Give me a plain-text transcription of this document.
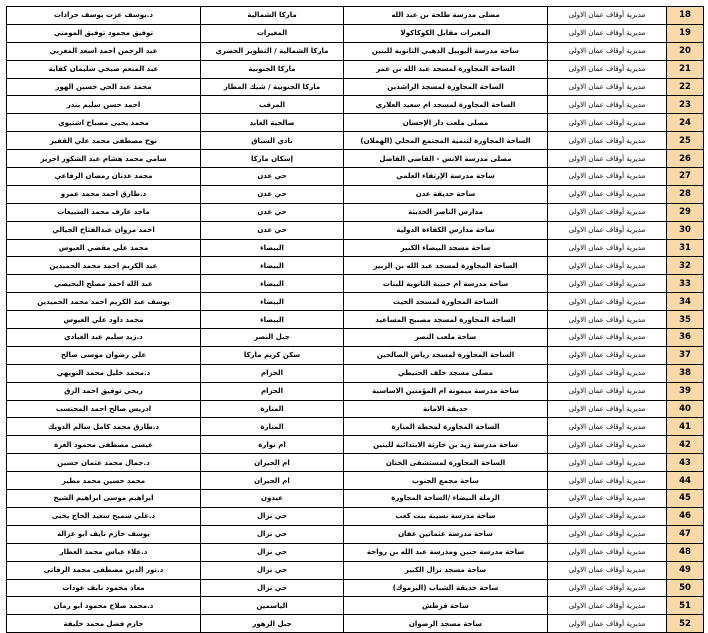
د.يوسف عزت يوسف جرادات	ماركا الشمالية	مصلى مدرسة طلحة بن عبد الله	مديرية أوقاف عمان الاولى	18
توفيق محمود توفيق المومني	المغيرات	المغيرات مقابل الكوكاكولا	مديرية أوقاف عمان الاولى	19
عبد الرحمن احمد اسعد المغربي	ماركا الشمالية / التطوير الحضري	ساحة مدرسة اليوبيل الذهبي الثانوية للبنين	مديرية أوقاف عمان الاولى	20
عبد المنعم صبحي سليمان كفاية	ماركا الجنوبية	الساحة المجاورة لمسجد عبد الله بن عمر	مديرية أوقاف عمان الاولى	21
محمد عبد الحي حسين الهور	ماركا الجنوبية / شيك المطار	الساحة المجاورة لمسجد الراشدين	مديرية أوقاف عمان الاولى	22
احمد حسن سليم بندر	المرقب	الساحة المجاورة لمسجد ام سعيد العلاري	مديرية أوقاف عمان الاولى	23
محمد يحيى مصباح اشتيوي	صالحية العابد	مصلى ملعب دار الإحسان	مديرية أوقاف عمان الاولى	24
نوح مصطفى محمد علي القفير	نادي السباق	الساحة المجاورة لتنمية المجتمع المحلي (الهملان)	مديرية أوقاف عمان الاولى	25
سامي محمد هشام عبد الشكور احريز	إسكان ماركا	مصلى مدرسة الانس - القاضي الفاضل	مديرية أوقاف عمان الاولى	26
محمد عدنان رمضان الرفاعي	حي عدن	ساحة مدرسة الإرتقاء العلمي	مديرية أوقاف عمان الاولى	27
د.طارق احمد محمد عمرو	حي عدن	ساحة حديقة عدن	مديرية أوقاف عمان الاولى	28
ماجد عارف محمد السبيعات	حي عدن	مدارس الناصر الحديثة	مديرية أوقاف عمان الاولى	29
احمد مروان عبدالفتاح الجيالي	حي عدن	ساحة مدارس الكفاءة الدولية	مديرية أوقاف عمان الاولى	30
محمد علي مفضي العيوس	البيضاء	ساحة مسجد البيضاء الكبير	مديرية أوقاف عمان الاولى	31
عبد الكريم احمد محمد الحميدين	البيضاء	الساحة المجاورة لمسجد عبد الله بن الزبير	مديرية أوقاف عمان الاولى	32
عبد الله احمد مصلح البحيصي	البيضاء	ساحة مدرسة ام حبيبة الثانوية للبنات	مديرية أوقاف عمان الاولى	33
يوسف عبد الكريم احمد محمد الحميدين	البيضاء	الساحة المجاورة لمسجد الحيت	مديرية أوقاف عمان الاولى	34
محمد داود علي العيوس	البيضاء	الساحة المجاورة لمسجد مصبيح المساعيد	مديرية أوقاف عمان الاولى	35
د.زيد سليم عبد العبادي	جبل النصر	ساحة ملعب النصر	مديرية أوقاف عمان الاولى	36
علي رضوان موسى صالح	سكن كريم ماركا	الساحة المجاورة لمسجد رياض الصالحين	مديرية أوقاف عمان الاولى	37
د.محمد خليل محمد النويهي	الحزام	مصلى مسجد خلف الحنيطي	مديرية أوقاف عمان الاولى	38
ربحي توفيق احمد الزق	الحزام	ساحة مدرسة ميمونة ام المؤمنين الاساسية	مديرية أوقاف عمان الاولى	39
ادريس صالح احمد المحتسب	المنارة	حديقة الامانة	مديرية أوقاف عمان الاولى	40
د.طارق محمد كامل سالم الدويك	المنارة	الساحة المجاورة لمحطة المنارة	مديرية أوقاف عمان الاولى	41
عيسى مصطفى محمود الغزة	ام نوارة	ساحة مدرسة زيد بن حارثة الابتدائية للبنين	مديرية أوقاف عمان الاولى	42
د.جمال محمد عثمان حسين	ام الحيران	الساحة المجاورة لمستشفى الحنان	مديرية أوقاف عمان الاولى	43
محمد حسين محمد مطير	ام الحيران	ساحة مجمع الجنوب	مديرية أوقاف عمان الاولى	44
ابراهيم موسى ابراهيم الشيخ	عيدون	الرملة البيضاء /الساحة المجاورة	مديرية أوقاف عمان الاولى	45
د.علي سميح سعيد الحاج يحيى	حي نزال	ساحة مدرسة نسيبة بنت كعب	مديرية أوقاف عمان الاولى	46
يوسف حازم نايف ابو غزالة	حي نزال	ساحة مدرسة عثمانين عفان	مديرية أوقاف عمان الاولى	47
د.علاء عباس محمد العطار	حي نزال	ساحة مدرسة حنين ومدرسة عبد الله بن رواحة	مديرية أوقاف عمان الاولى	48
د.نور الدين مصطفى محمد الرفاتي	حي نزال	ساحة مسجد نزال الكبير	مديرية أوقاف عمان الاولى	49
معاذ محمود نايف عودات	حي نزال	ساحة حديقة الشباب (اليرموك)	مديرية أوقاف عمان الاولى	50
د.محمد صلاح محمود ابو رمان	الياسمين	ساحة قرطش	مديرية أوقاف عمان الاولى	51
حازم فضل محمد خليفة	جبل الزهور	ساحة مسجد الرضوان	مديرية أوقاف عمان الاولى	52
